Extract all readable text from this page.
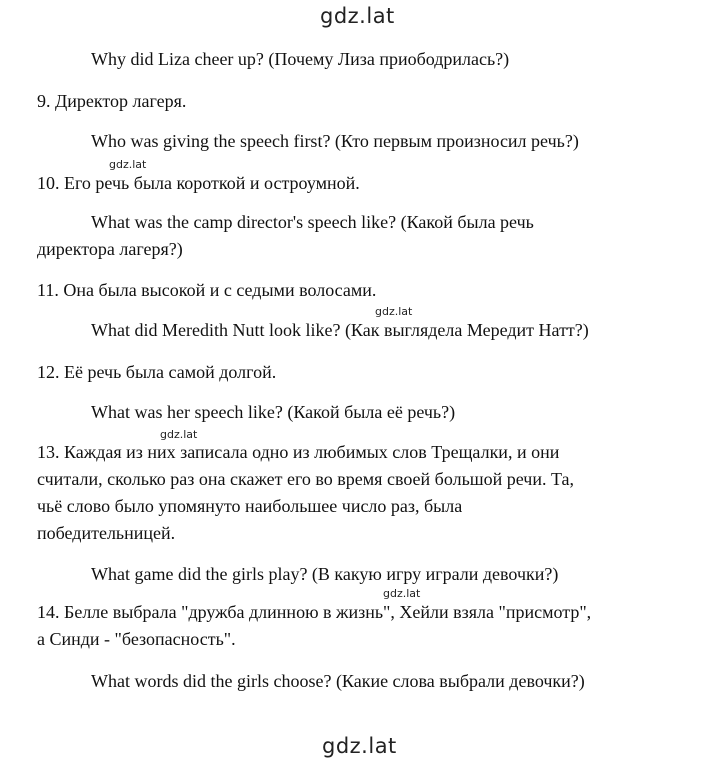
gdz.lat
Why did Liza cheer up? (Почему Лиза приободрилась?)
9. Директор лагеря.
Who was giving the speech first? (Кто первым произносил речь?)
gdz.lat
10. Его речь была короткой и остроумной.
What was the camp director's speech like? (Какой была речь
директора лагеря?)
11. Она была высокой и с седыми волосами.
gdz.lat
What did Meredith Nutt look like? (Как выглядела Мередит Натт?)
12. Её речь была самой долгой.
What was her speech like? (Какой была её речь?)
gdz.lat
13. Каждая из них записала одно из любимых слов Трещалки, и они
считали, сколько раз она скажет его во время своей большой речи. Та,
чьё слово было упомянуто наибольшее число раз, была
победительницей.
What game did the girls play? (В какую игру играли девочки?)
gdz.lat
14. Белле выбрала "дружба длинною в жизнь", Хейли взяла "присмотр",
а Синди - "безопасность".
What words did the girls choose? (Какие слова выбрали девочки?)
gdz.lat
